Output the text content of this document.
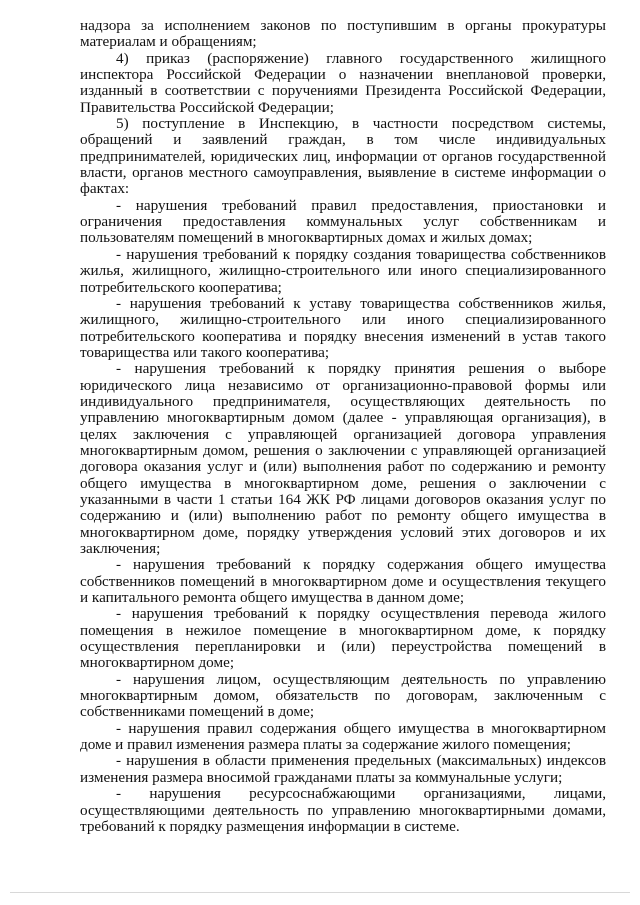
надзора за исполнением законов по поступившим в органы прокуратуры материалам и обращениям;

4) приказ (распоряжение) главного государственного жилищного инспектора Российской Федерации о назначении внеплановой проверки, изданный в соответствии с поручениями Президента Российской Федерации, Правительства Российской Федерации;

5) поступление в Инспекцию, в частности посредством системы, обращений и заявлений граждан, в том числе индивидуальных предпринимателей, юридических лиц, информации от органов государственной власти, органов местного самоуправления, выявление в системе информации о фактах:

- нарушения требований правил предоставления, приостановки и ограничения предоставления коммунальных услуг собственникам и пользователям помещений в многоквартирных домах и жилых домах;

- нарушения требований к порядку создания товарищества собственников жилья, жилищного, жилищно-строительного или иного специализированного потребительского кооператива;

- нарушения требований к уставу товарищества собственников жилья, жилищного, жилищно-строительного или иного специализированного потребительского кооператива и порядку внесения изменений в устав такого товарищества или такого кооператива;

- нарушения требований к порядку принятия решения о выборе юридического лица независимо от организационно-правовой формы или индивидуального предпринимателя, осуществляющих деятельность по управлению многоквартирным домом (далее - управляющая организация), в целях заключения с управляющей организацией договора управления многоквартирным домом, решения о заключении с управляющей организацией договора оказания услуг и (или) выполнения работ по содержанию и ремонту общего имущества в многоквартирном доме, решения о заключении с указанными в части 1 статьи 164 ЖК РФ лицами договоров оказания услуг по содержанию и (или) выполнению работ по ремонту общего имущества в многоквартирном доме, порядку утверждения условий этих договоров и их заключения;

- нарушения требований к порядку содержания общего имущества собственников помещений в многоквартирном доме и осуществления текущего и капитального ремонта общего имущества в данном доме;

- нарушения требований к порядку осуществления перевода жилого помещения в нежилое помещение в многоквартирном доме, к порядку осуществления перепланировки и (или) переустройства помещений в многоквартирном доме;

- нарушения лицом, осуществляющим деятельность по управлению многоквартирным домом, обязательств по договорам, заключенным с собственниками помещений в доме;

- нарушения правил содержания общего имущества в многоквартирном доме и правил изменения размера платы за содержание жилого помещения;

- нарушения в области применения предельных (максимальных) индексов изменения размера вносимой гражданами платы за коммунальные услуги;

- нарушения ресурсоснабжающими организациями, лицами, осуществляющими деятельность по управлению многоквартирными домами, требований к порядку размещения информации в системе.
